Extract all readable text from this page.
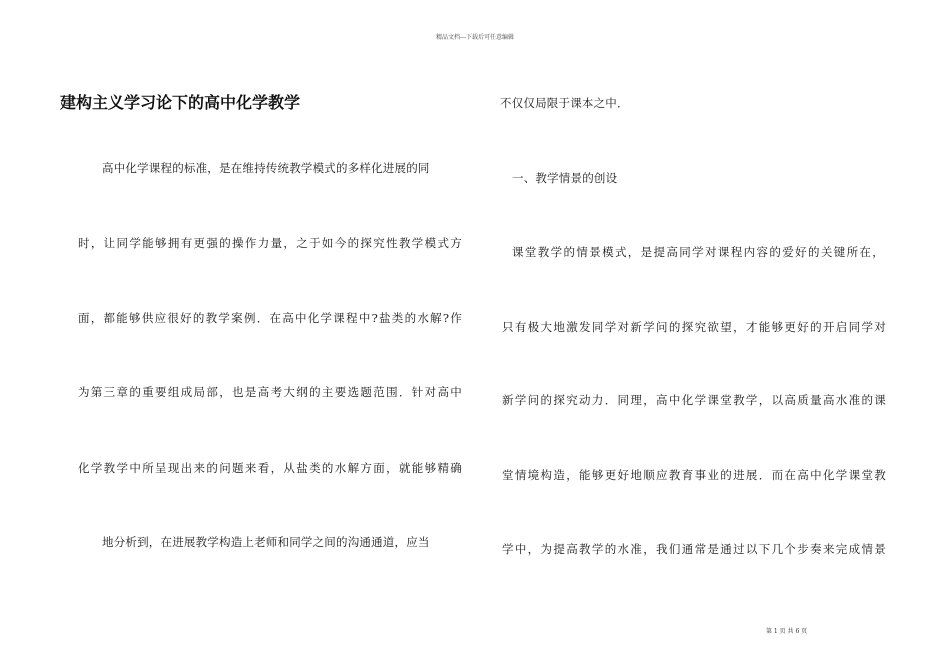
精品文档---下载后可任意编辑
建构主义学习论下的高中化学教学
高中化学课程的标准，是在维持传统教学模式的多样化进展的同
时，让同学能够拥有更强的操作力量，之于如今的探究性教学模式方
面，都能够供应很好的教学案例．在高中化学课程中?盐类的水解?作
为第三章的重要组成局部，也是高考大纲的主要选题范围．针对高中
化学教学中所呈现出来的问题来看，从盐类的水解方面，就能够精确
地分析到，在进展教学构造上老师和同学之间的沟通通道，应当
不仅仅局限于课本之中．
一、教学情景的创设
课堂教学的情景模式，是提高同学对课程内容的爱好的关键所在，
只有极大地激发同学对新学问的探究欲望，才能够更好的开启同学对
新学问的探究动力．同理，高中化学课堂教学，以高质量高水准的课
堂情境构造，能够更好地顺应教育事业的进展．而在高中化学课堂教
学中，为提高教学的水准，我们通常是通过以下几个步奏来完成情景
第 1 页 共 6 页
